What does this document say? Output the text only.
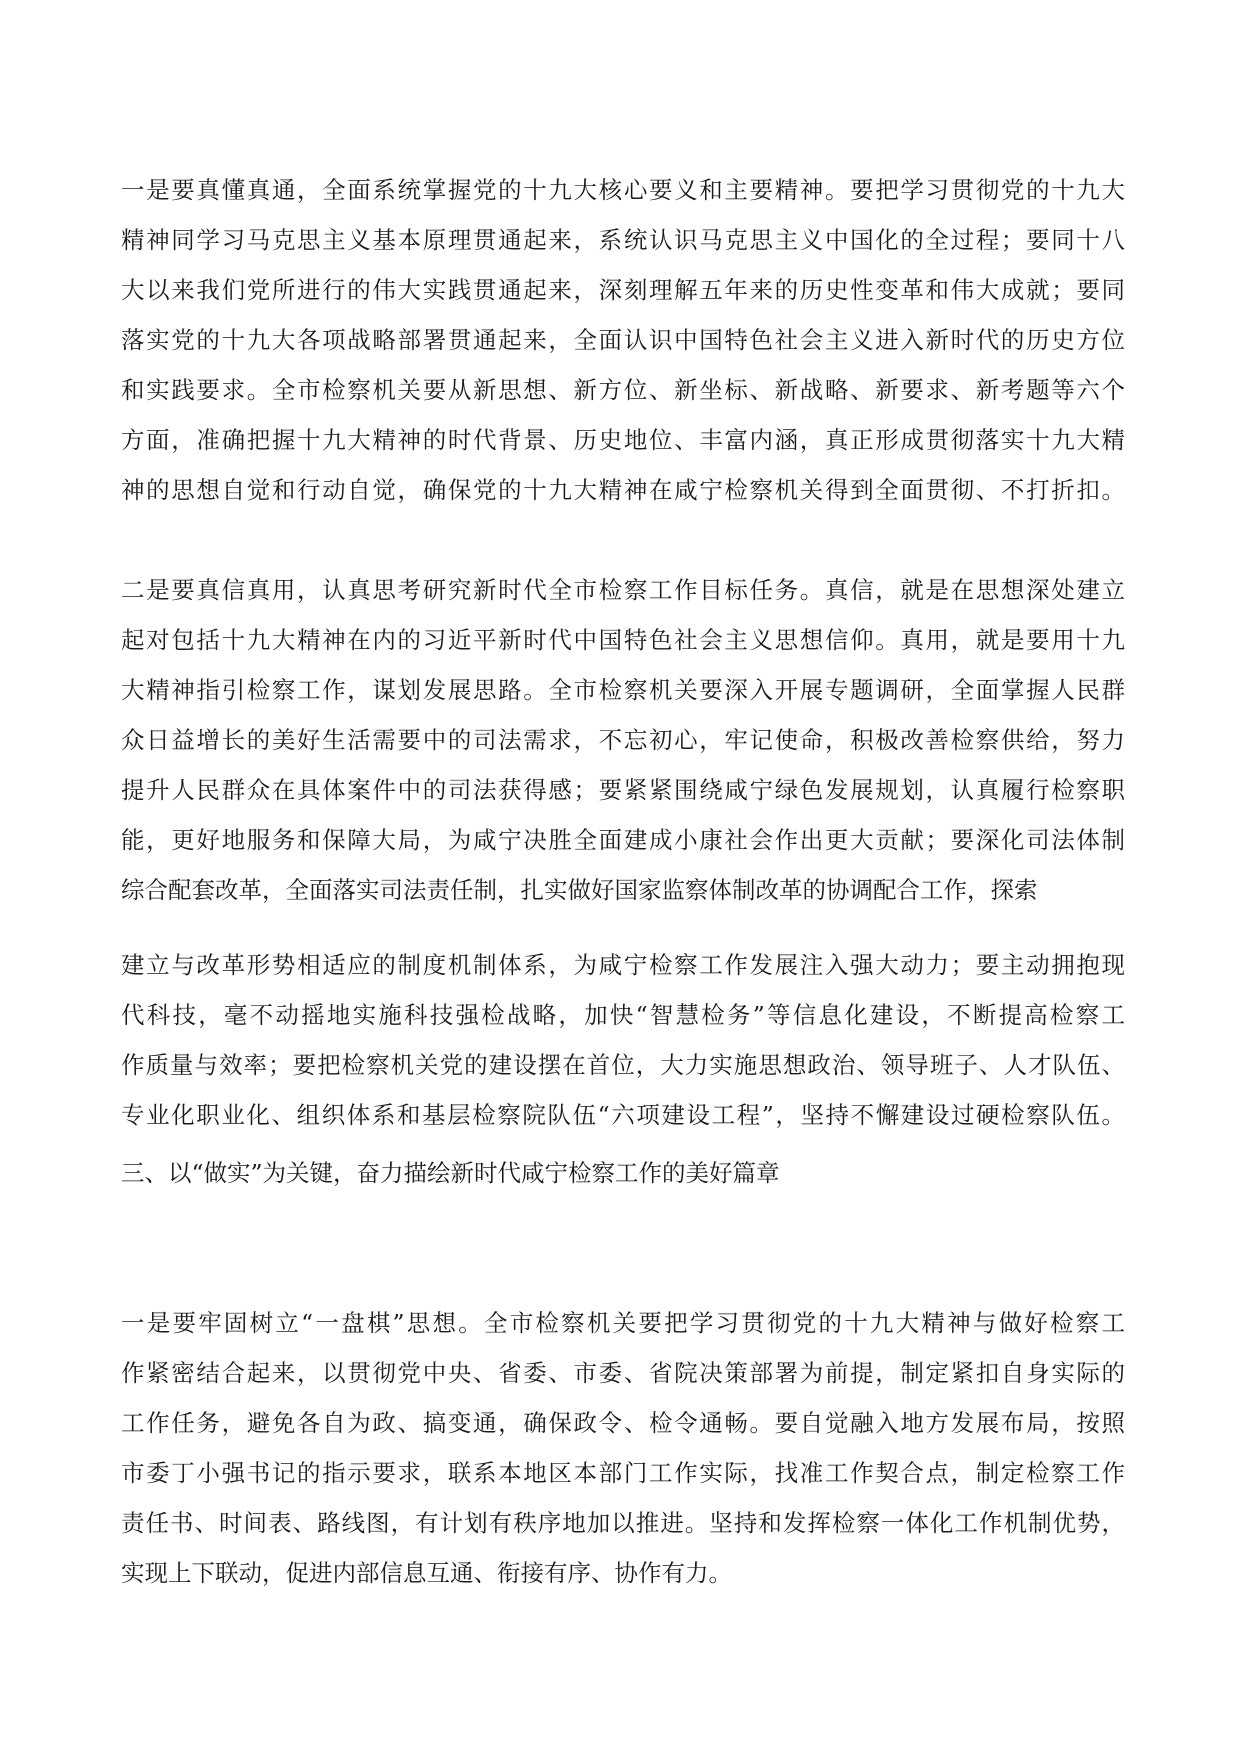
一是要真懂真通，全面系统掌握党的十九大核心要义和主要精神。要把学习贯彻党的十九大
精神同学习马克思主义基本原理贯通起来，系统认识马克思主义中国化的全过程；要同十八
大以来我们党所进行的伟大实践贯通起来，深刻理解五年来的历史性变革和伟大成就；要同
落实党的十九大各项战略部署贯通起来，全面认识中国特色社会主义进入新时代的历史方位
和实践要求。全市检察机关要从新思想、新方位、新坐标、新战略、新要求、新考题等六个
方面，准确把握十九大精神的时代背景、历史地位、丰富内涵，真正形成贯彻落实十九大精
神的思想自觉和行动自觉，确保党的十九大精神在咸宁检察机关得到全面贯彻、不打折扣。
二是要真信真用，认真思考研究新时代全市检察工作目标任务。真信，就是在思想深处建立
起对包括十九大精神在内的习近平新时代中国特色社会主义思想信仰。真用，就是要用十九
大精神指引检察工作，谋划发展思路。全市检察机关要深入开展专题调研，全面掌握人民群
众日益增长的美好生活需要中的司法需求，不忘初心，牢记使命，积极改善检察供给，努力
提升人民群众在具体案件中的司法获得感；要紧紧围绕咸宁绿色发展规划，认真履行检察职
能，更好地服务和保障大局，为咸宁决胜全面建成小康社会作出更大贡献；要深化司法体制
综合配套改革，全面落实司法责任制，扎实做好国家监察体制改革的协调配合工作，探索
建立与改革形势相适应的制度机制体系，为咸宁检察工作发展注入强大动力；要主动拥抱现
代科技，毫不动摇地实施科技强检战略，加快“智慧检务”等信息化建设，不断提高检察工
作质量与效率；要把检察机关党的建设摆在首位，大力实施思想政治、领导班子、人才队伍、
专业化职业化、组织体系和基层检察院队伍“六项建设工程”，坚持不懈建设过硬检察队伍。
三、以“做实”为关键，奋力描绘新时代咸宁检察工作的美好篇章
一是要牢固树立“一盘棋”思想。全市检察机关要把学习贯彻党的十九大精神与做好检察工
作紧密结合起来，以贯彻党中央、省委、市委、省院决策部署为前提，制定紧扣自身实际的
工作任务，避免各自为政、搞变通，确保政令、检令通畅。要自觉融入地方发展布局，按照
市委丁小强书记的指示要求，联系本地区本部门工作实际，找准工作契合点，制定检察工作
责任书、时间表、路线图，有计划有秩序地加以推进。坚持和发挥检察一体化工作机制优势，
实现上下联动，促进内部信息互通、衔接有序、协作有力。
